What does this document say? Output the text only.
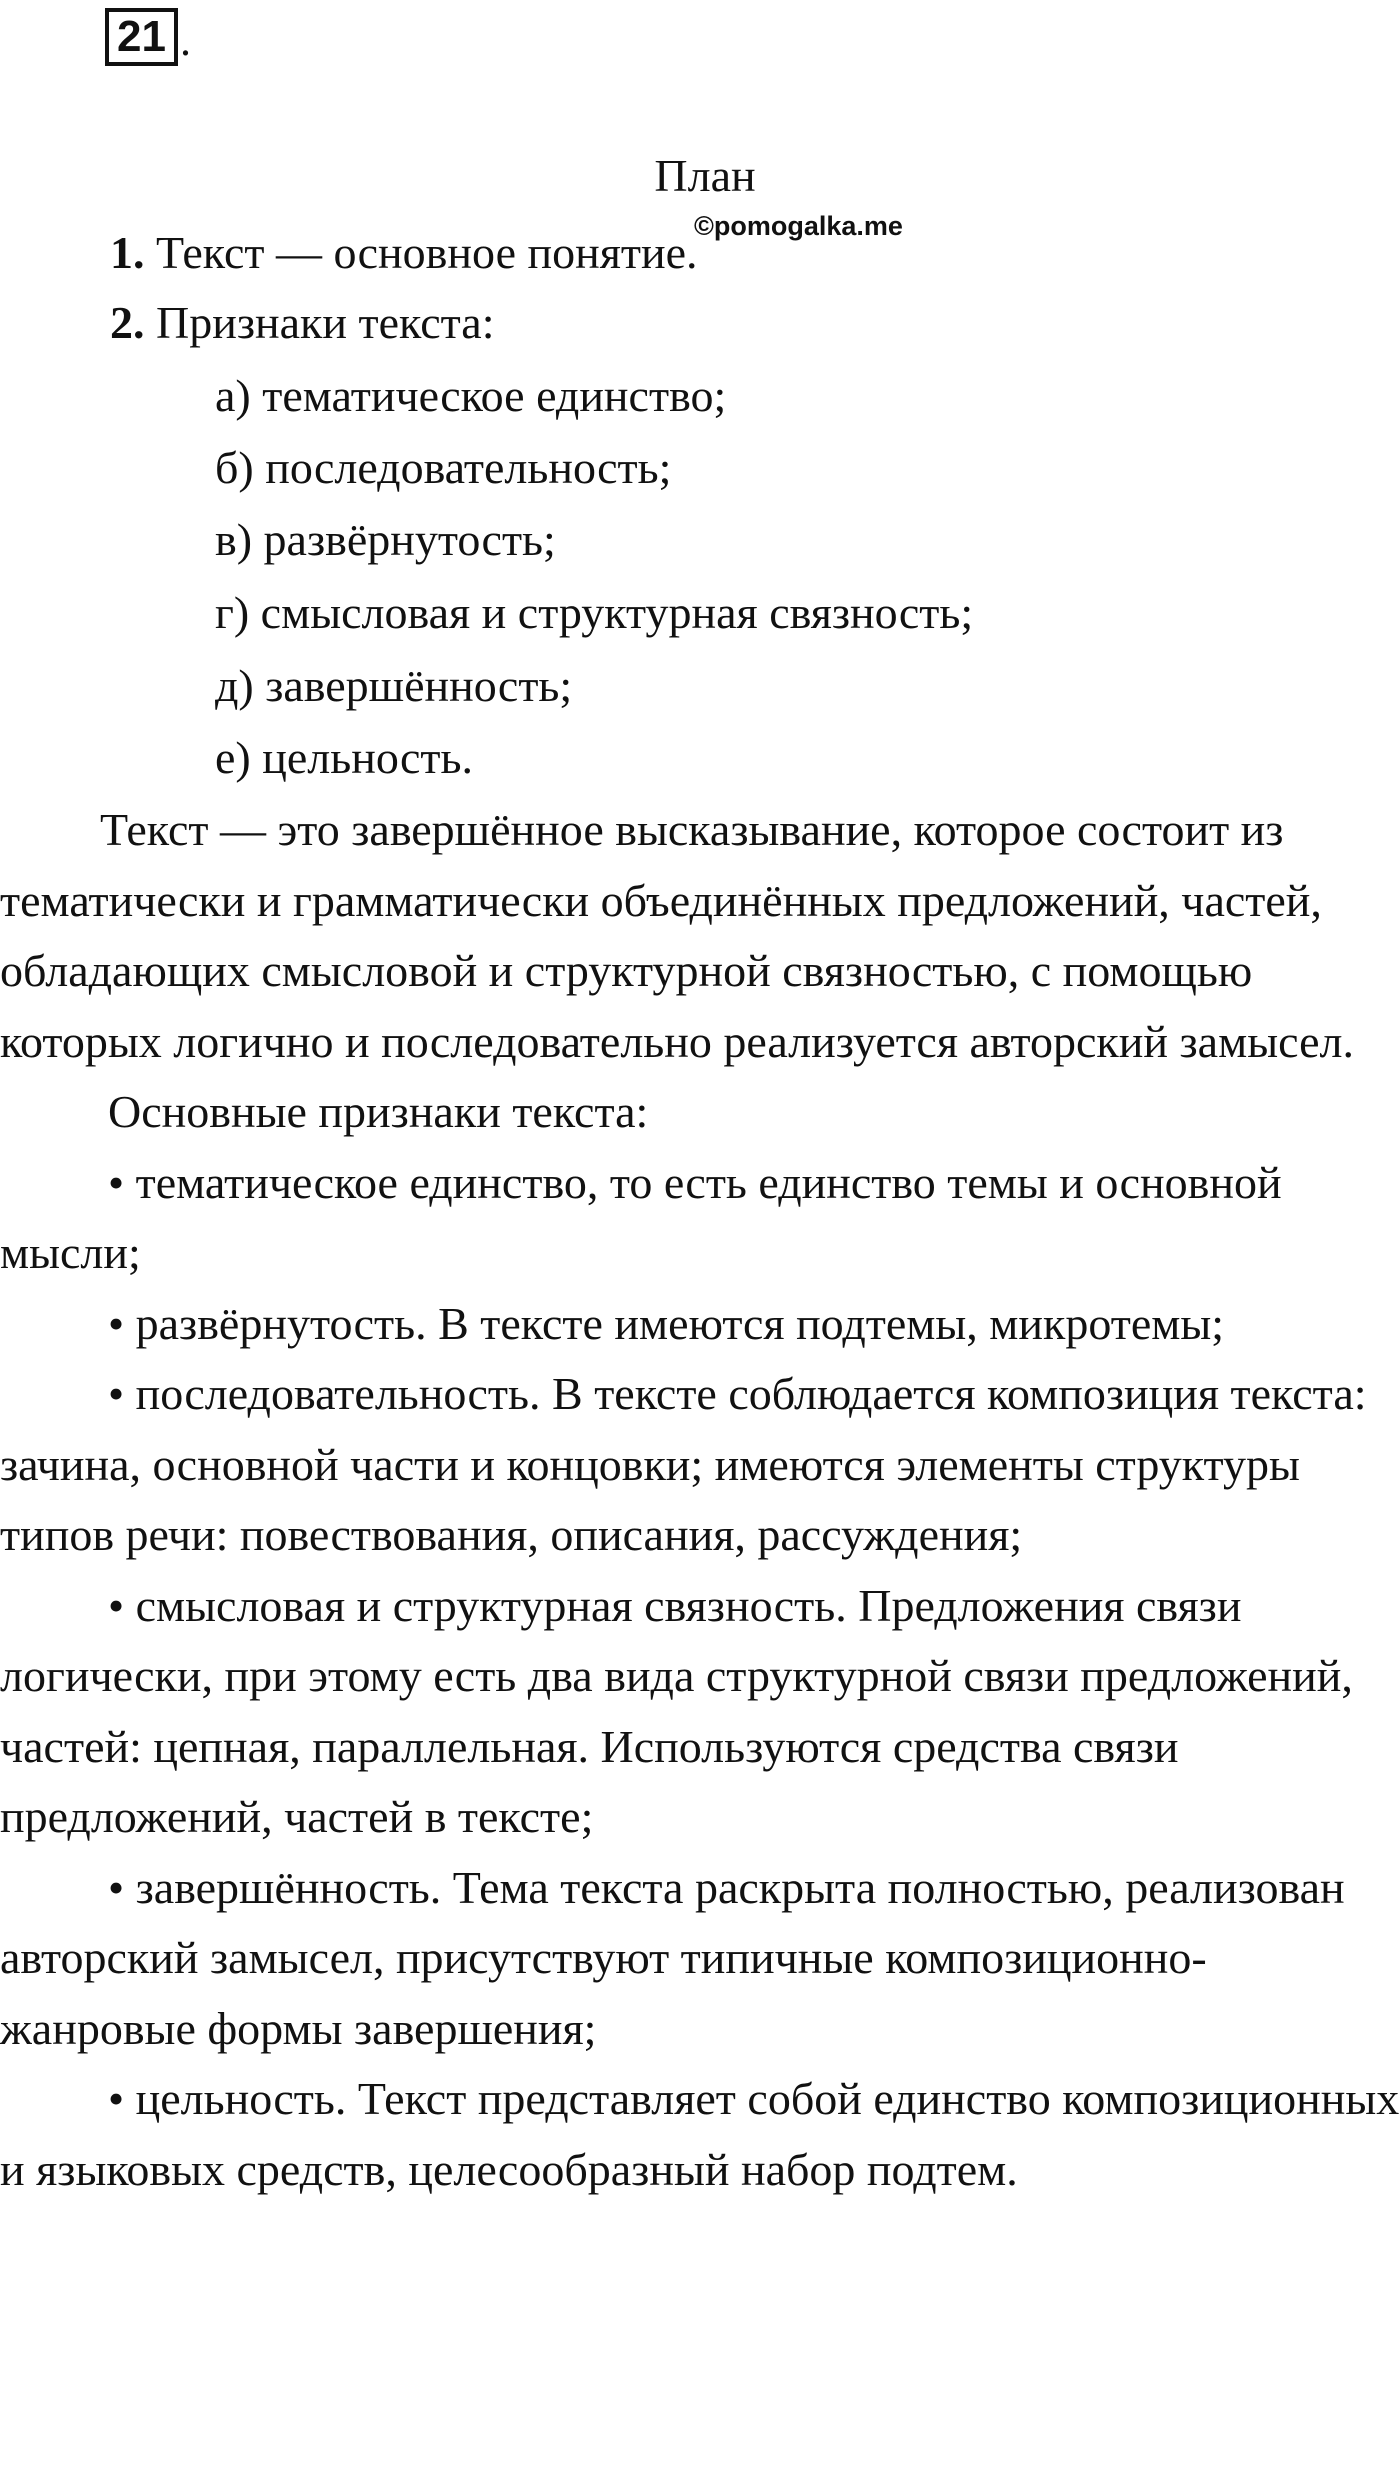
21 .
План
©pomogalka.me
1. Текст — основное понятие.
2. Признаки текста:
а) тематическое единство;
б) последовательность;
в) развёрнутость;
г) смысловая и структурная связность;
д) завершённость;
е) цельность.

Текст — это завершённое высказывание, которое состоит из тематически и грамматически объединённых предложений, частей, обладающих смысловой и структурной связностью, с помощью которых логично и последовательно реализуется авторский замысел.

Основные признаки текста:

• тематическое единство, то есть единство темы и основной мысли;

• развёрнутость. В тексте имеются подтемы, микротемы;

• последовательность. В тексте соблюдается композиция текста: зачина, основной части и концовки; имеются элементы структуры типов речи: повествования, описания, рассуждения;

• смысловая и структурная связность. Предложения связи логически, при этому есть два вида структурной связи предложений, частей: цепная, параллельная. Используются средства связи предложений, частей в тексте;

• завершённость. Тема текста раскрыта полностью, реализован авторский замысел, присутствуют типичные композиционно-жанровые формы завершения;

• цельность. Текст представляет собой единство композиционных и языковых средств, целесообразный набор подтем.
